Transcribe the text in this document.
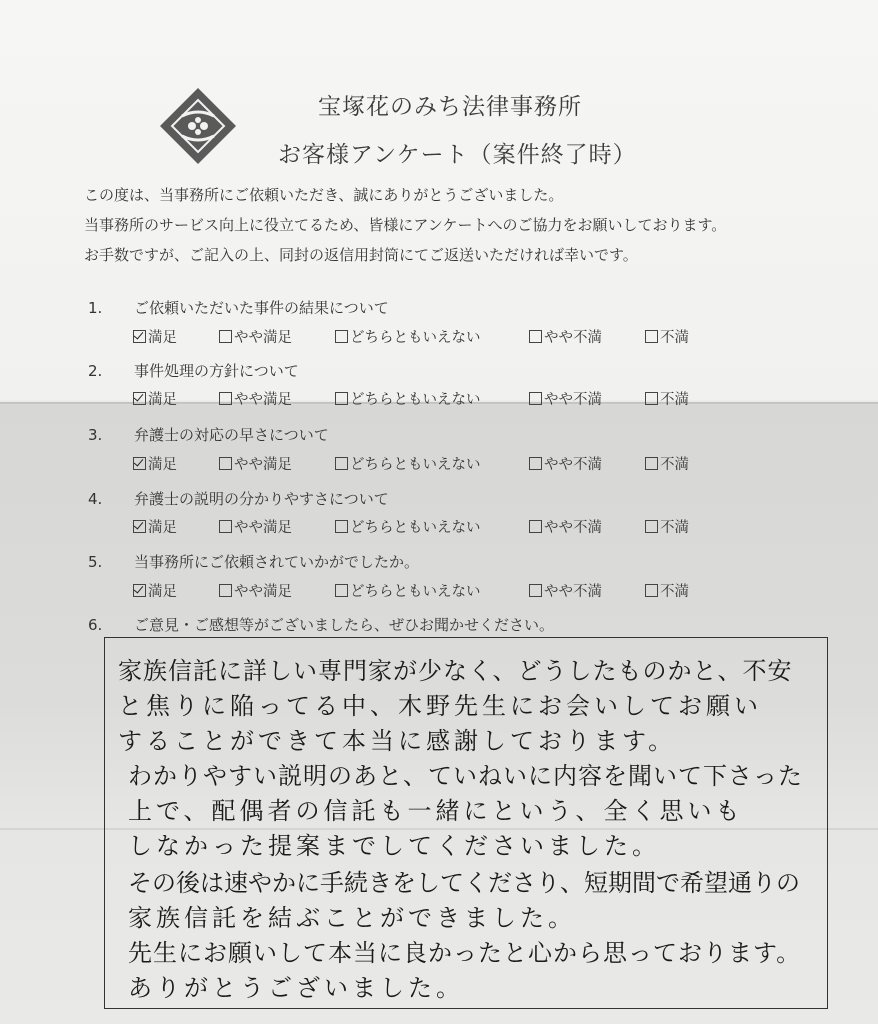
宝塚花のみち法律事務所
お客様アンケート（案件終了時）
この度は、当事務所にご依頼いただき、誠にありがとうございました。
当事務所のサービス向上に役立てるため、皆様にアンケートへのご協力をお願いしております。
お手数ですが、ご記入の上、同封の返信用封筒にてご返送いただければ幸いです。
1. ご依頼いただいた事件の結果について
満足	やや満足	どちらともいえない	やや不満	不満
2. 事件処理の方針について
満足	やや満足	どちらともいえない	やや不満	不満
3. 弁護士の対応の早さについて
満足	やや満足	どちらともいえない	やや不満	不満
4. 弁護士の説明の分かりやすさについて
満足	やや満足	どちらともいえない	やや不満	不満
5. 当事務所にご依頼されていかがでしたか。
満足	やや満足	どちらともいえない	やや不満	不満
6. ご意見・ご感想等がございましたら、ぜひお聞かせください。
家族信託に詳しい専門家が少なく、どうしたものかと、不安
と焦りに陥ってる中、木野先生にお会いしてお願い
することができて本当に感謝しております。
わかりやすい説明のあと、ていねいに内容を聞いて下さった
上で、配偶者の信託も一緒にという、全く思いも
しなかった提案までしてくださいました。
その後は速やかに手続きをしてくださり、短期間で希望通りの
家族信託を結ぶことができました。
先生にお願いして本当に良かったと心から思っております。
ありがとうございました。
